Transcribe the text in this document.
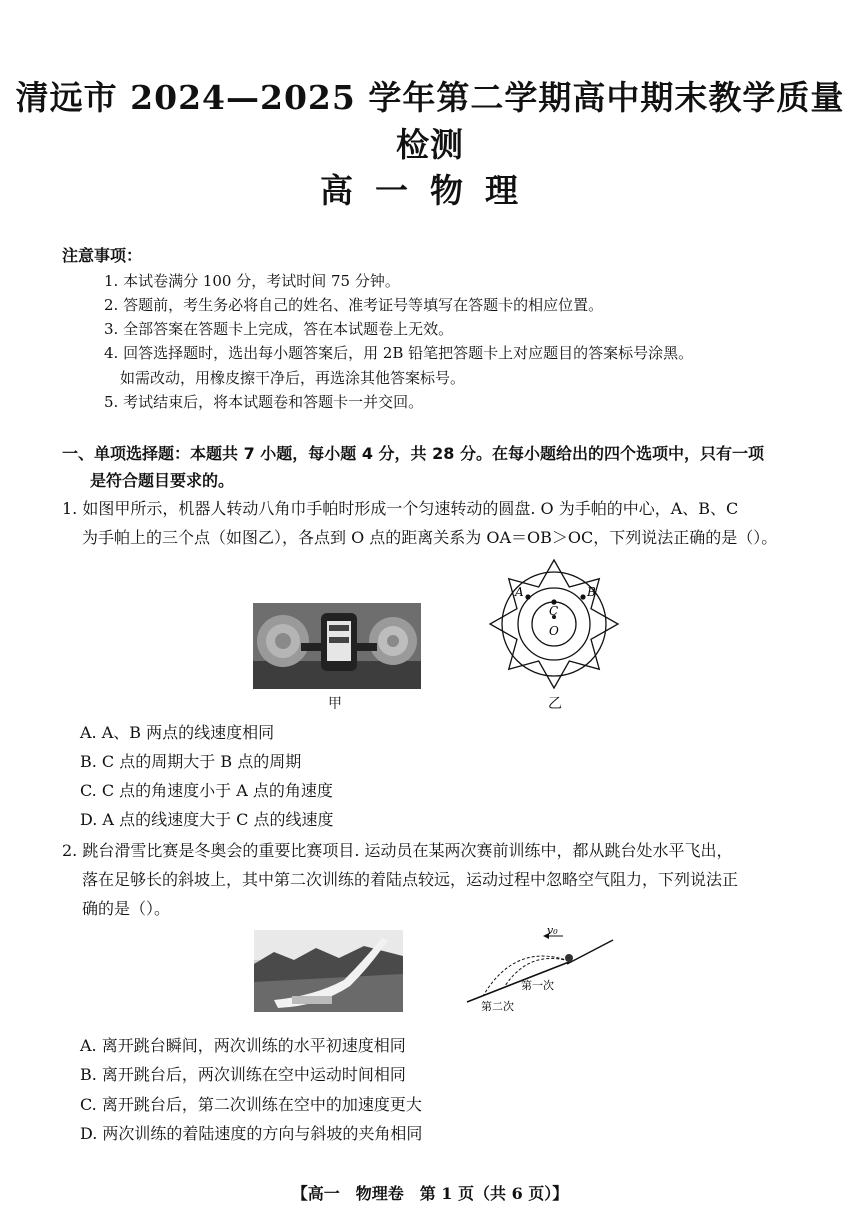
清远市 2024—2025 学年第二学期高中期末教学质量检测
高一物理
注意事项：
1. 本试卷满分 100 分，考试时间 75 分钟。
2. 答题前，考生务必将自己的姓名、准考证号等填写在答题卡的相应位置。
3. 全部答案在答题卡上完成，答在本试题卷上无效。
4. 回答选择题时，选出每小题答案后，用 2B 铅笔把答题卡上对应题目的答案标号涂黑。
如需改动，用橡皮擦干净后，再选涂其他答案标号。
5. 考试结束后，将本试题卷和答题卡一并交回。
一、单项选择题：本题共 7 小题，每小题 4 分，共 28 分。在每小题给出的四个选项中，只有一项
是符合题目要求的。
1. 如图甲所示，机器人转动八角巾手帕时形成一个匀速转动的圆盘. O 为手帕的中心，A、B、C
为手帕上的三个点（如图乙），各点到 O 点的距离关系为 OA＝OB＞OC，下列说法正确的是（）。
甲
A	B
C
O
乙
A. A、B 两点的线速度相同
B. C 点的周期大于 B 点的周期
C. C 点的角速度小于 A 点的角速度
D. A 点的线速度大于 C 点的线速度
2. 跳台滑雪比赛是冬奥会的重要比赛项目. 运动员在某两次赛前训练中，都从跳台处水平飞出，
落在足够长的斜坡上，其中第二次训练的着陆点较远，运动过程中忽略空气阻力，下列说法正
确的是（）。
v₀
第一次
第二次
A. 离开跳台瞬间，两次训练的水平初速度相同
B. 离开跳台后，两次训练在空中运动时间相同
C. 离开跳台后，第二次训练在空中的加速度更大
D. 两次训练的着陆速度的方向与斜坡的夹角相同
【高一　物理卷　第 1 页（共 6 页）】
